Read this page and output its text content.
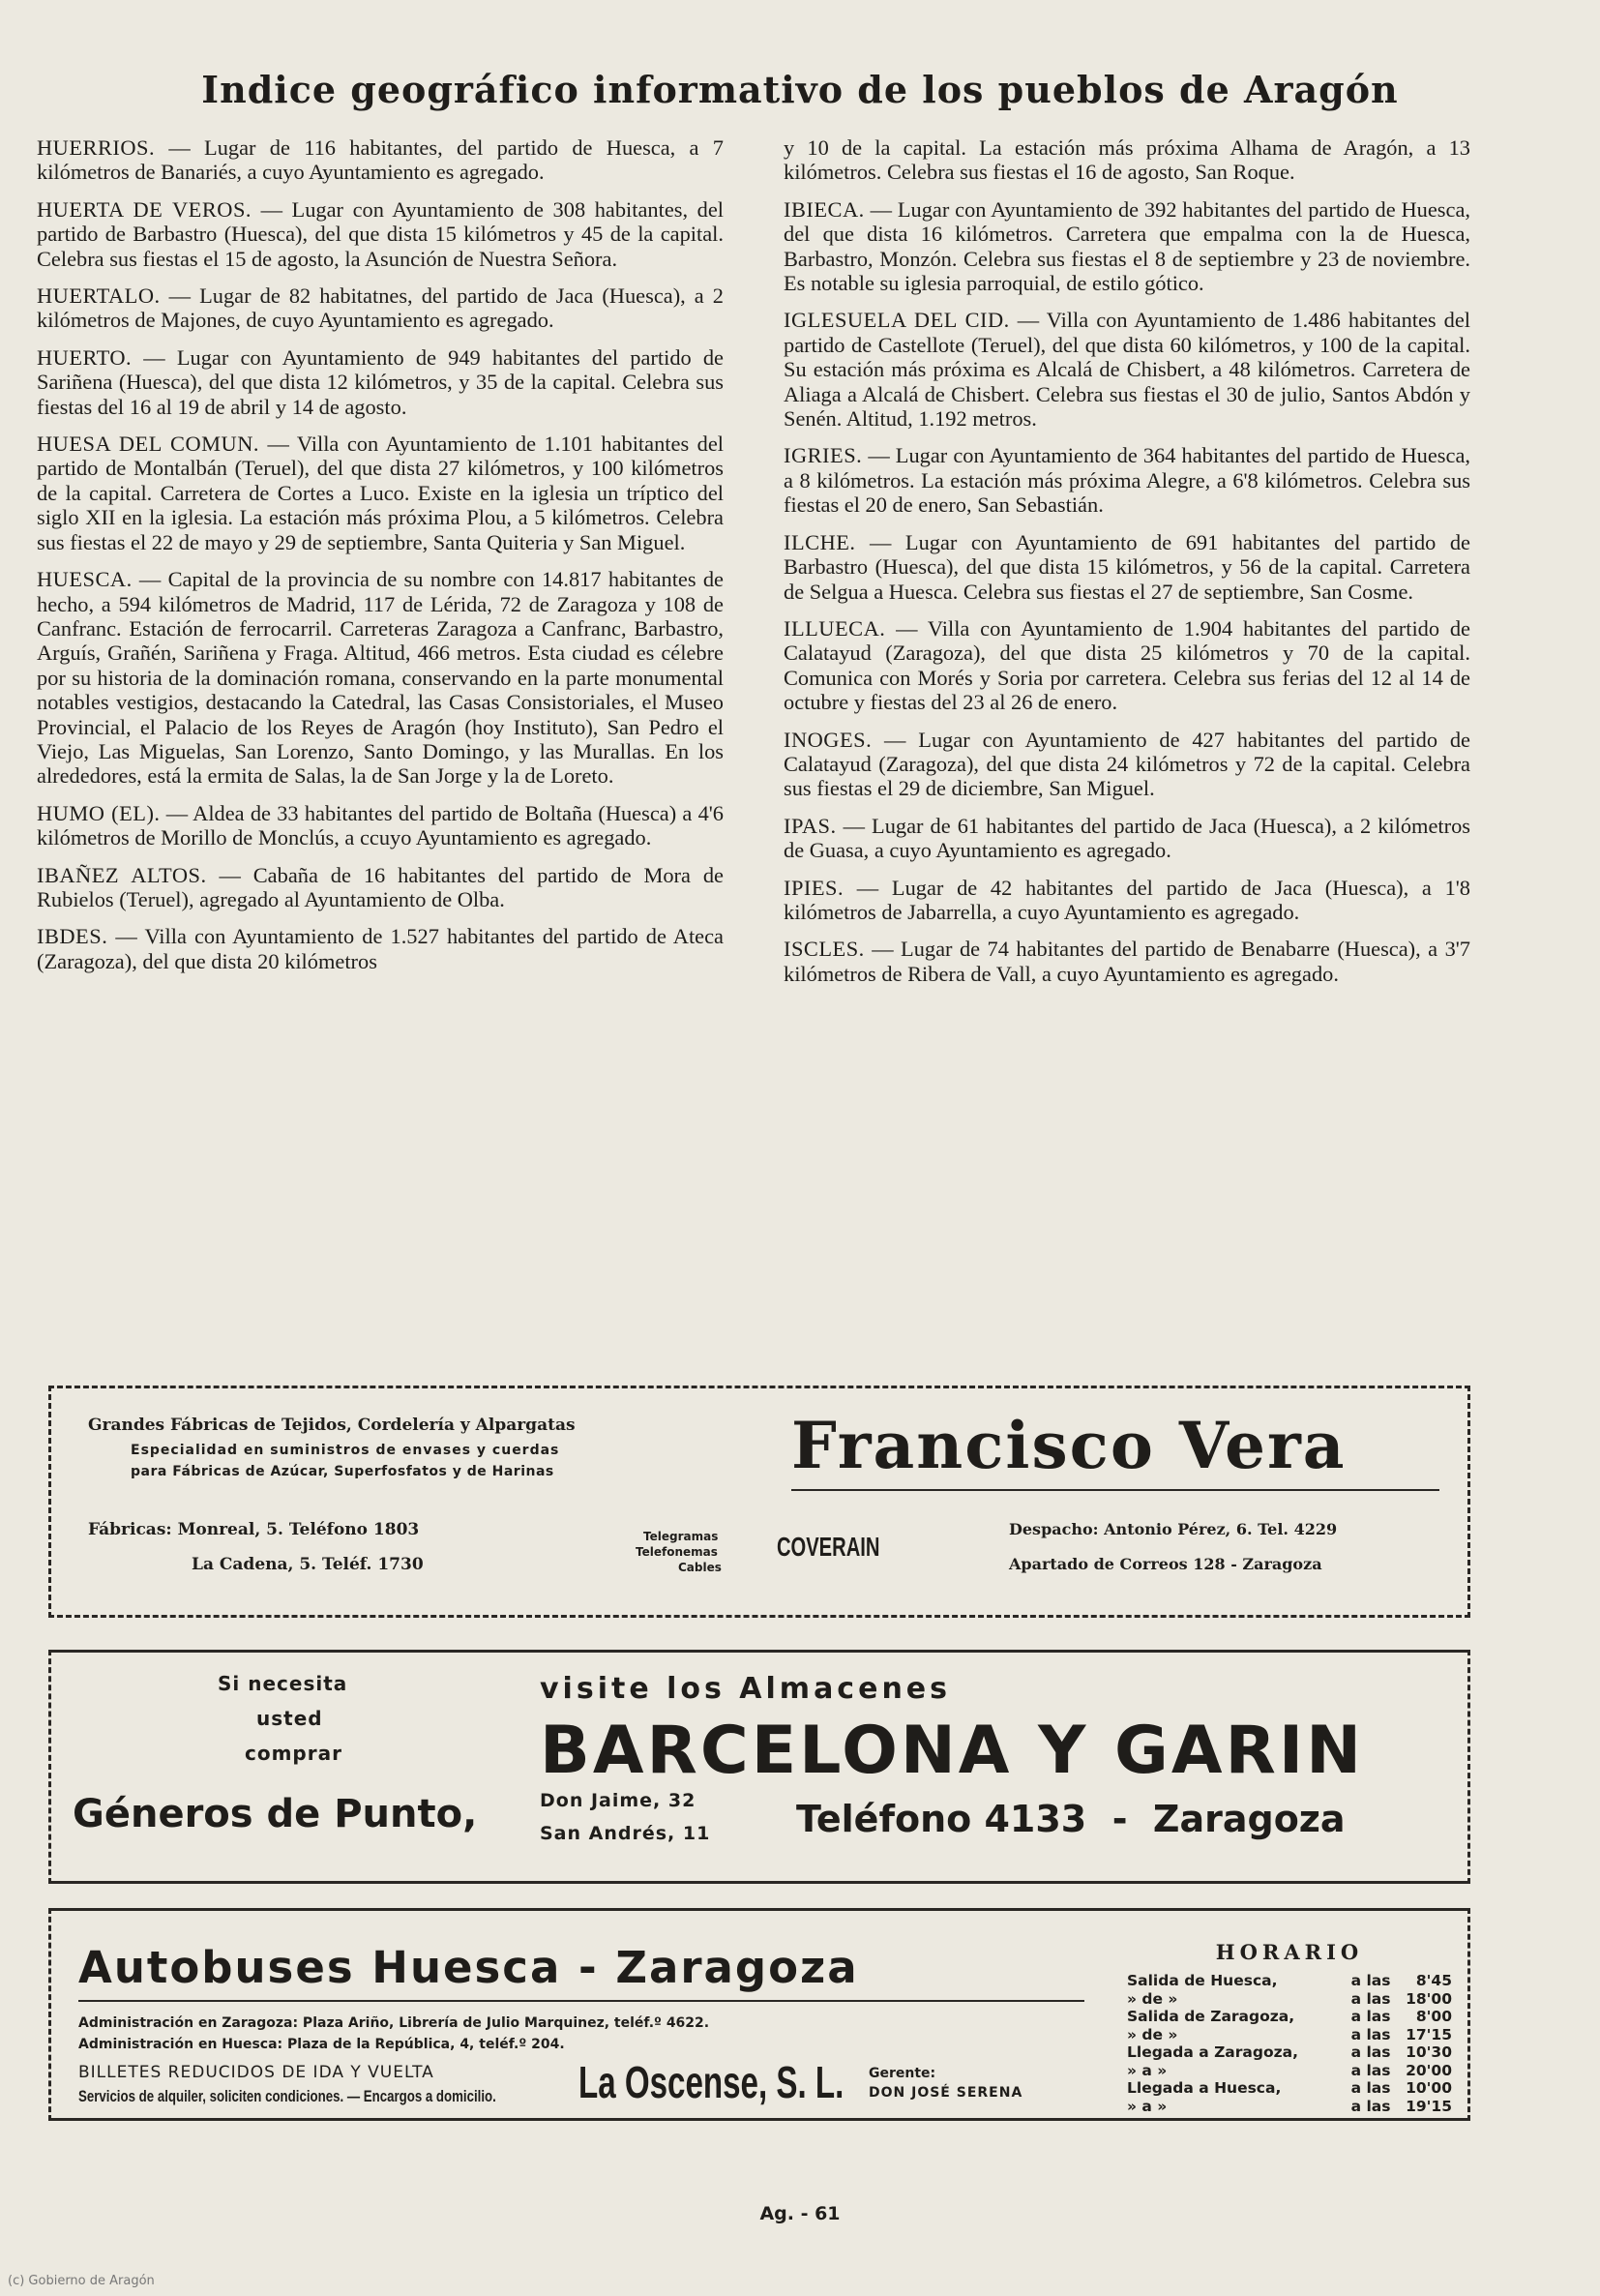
Indice geográfico informativo de los pueblos de Aragón

HUERRIOS. — Lugar de 116 habitantes, del partido de Huesca, a 7 kilómetros de Banariés, a cuyo Ayuntamiento es agregado.

HUERTA DE VEROS. — Lugar con Ayuntamiento de 308 habitantes, del partido de Barbastro (Huesca), del que dista 15 kilómetros y 45 de la capital. Celebra sus fiestas el 15 de agosto, la Asunción de Nuestra Señora.

HUERTALO. — Lugar de 82 habitatnes, del partido de Jaca (Huesca), a 2 kilómetros de Majones, de cuyo Ayuntamiento es agregado.

HUERTO. — Lugar con Ayuntamiento de 949 habitantes del partido de Sariñena (Huesca), del que dista 12 kilómetros, y 35 de la capital. Celebra sus fiestas del 16 al 19 de abril y 14 de agosto.

HUESA DEL COMUN. — Villa con Ayuntamiento de 1.101 habitantes del partido de Montalbán (Teruel), del que dista 27 kilómetros, y 100 kilómetros de la capital. Carretera de Cortes a Luco. Existe en la iglesia un tríptico del siglo XII en la iglesia. La estación más próxima Plou, a 5 kilómetros. Celebra sus fiestas el 22 de mayo y 29 de septiembre, Santa Quiteria y San Miguel.

HUESCA. — Capital de la provincia de su nombre con 14.817 habitantes de hecho, a 594 kilómetros de Madrid, 117 de Lérida, 72 de Zaragoza y 108 de Canfranc. Estación de ferrocarril. Carreteras Zaragoza a Canfranc, Barbastro, Arguís, Grañén, Sariñena y Fraga. Altitud, 466 metros. Esta ciudad es célebre por su historia de la dominación romana, conservando en la parte monumental notables vestigios, destacando la Catedral, las Casas Consistoriales, el Museo Provincial, el Palacio de los Reyes de Aragón (hoy Instituto), San Pedro el Viejo, Las Miguelas, San Lorenzo, Santo Domingo, y las Murallas. En los alrededores, está la ermita de Salas, la de San Jorge y la de Loreto.

HUMO (EL). — Aldea de 33 habitantes del partido de Boltaña (Huesca) a 4'6 kilómetros de Morillo de Monclús, a ccuyo Ayuntamiento es agregado.

IBAÑEZ ALTOS. — Cabaña de 16 habitantes del partido de Mora de Rubielos (Teruel), agregado al Ayuntamiento de Olba.

IBDES. — Villa con Ayuntamiento de 1.527 habitantes del partido de Ateca (Zaragoza), del que dista 20 kilómetros

y 10 de la capital. La estación más próxima Alhama de Aragón, a 13 kilómetros. Celebra sus fiestas el 16 de agosto, San Roque.

IBIECA. — Lugar con Ayuntamiento de 392 habitantes del partido de Huesca, del que dista 16 kilómetros. Carretera que empalma con la de Huesca, Barbastro, Monzón. Celebra sus fiestas el 8 de septiembre y 23 de noviembre. Es notable su iglesia parroquial, de estilo gótico.

IGLESUELA DEL CID. — Villa con Ayuntamiento de 1.486 habitantes del partido de Castellote (Teruel), del que dista 60 kilómetros, y 100 de la capital. Su estación más próxima es Alcalá de Chisbert, a 48 kilómetros. Carretera de Aliaga a Alcalá de Chisbert. Celebra sus fiestas el 30 de julio, Santos Abdón y Senén. Altitud, 1.192 metros.

IGRIES. — Lugar con Ayuntamiento de 364 habitantes del partido de Huesca, a 8 kilómetros. La estación más próxima Alegre, a 6'8 kilómetros. Celebra sus fiestas el 20 de enero, San Sebastián.

ILCHE. — Lugar con Ayuntamiento de 691 habitantes del partido de Barbastro (Huesca), del que dista 15 kilómetros, y 56 de la capital. Carretera de Selgua a Huesca. Celebra sus fiestas el 27 de septiembre, San Cosme.

ILLUECA. — Villa con Ayuntamiento de 1.904 habitantes del partido de Calatayud (Zaragoza), del que dista 25 kilómetros y 70 de la capital. Comunica con Morés y Soria por carretera. Celebra sus ferias del 12 al 14 de octubre y fiestas del 23 al 26 de enero.

INOGES. — Lugar con Ayuntamiento de 427 habitantes del partido de Calatayud (Zaragoza), del que dista 24 kilómetros y 72 de la capital. Celebra sus fiestas el 29 de diciembre, San Miguel.

IPAS. — Lugar de 61 habitantes del partido de Jaca (Huesca), a 2 kilómetros de Guasa, a cuyo Ayuntamiento es agregado.

IPIES. — Lugar de 42 habitantes del partido de Jaca (Huesca), a 1'8 kilómetros de Jabarrella, a cuyo Ayuntamiento es agregado.

ISCLES. — Lugar de 74 habitantes del partido de Benabarre (Huesca), a 3'7 kilómetros de Ribera de Vall, a cuyo Ayuntamiento es agregado.

Grandes Fábricas de Tejidos, Cordelería y Alpargatas
Especialidad en suministros de envases y cuerdas
para Fábricas de Azúcar, Superfosfatos y de Harinas	Francisco Vera
Fábricas: Monreal, 5. Teléfono 1803
La Cadena, 5. Teléf. 1730
Telegramas
Telefonemas
Cables
COVERAIN
Despacho: Antonio Pérez, 6. Tel. 4229
Apartado de Correos 128 - Zaragoza
Si necesita
usted
comprar
Géneros de Punto,
visite los Almacenes
BARCELONA Y GARIN
Don Jaime, 32
San Andrés, 11 Teléfono 4133  -  Zaragoza
Autobuses Huesca - Zaragoza
Administración en Zaragoza: Plaza Ariño, Librería de Julio Marquinez, teléf.º 4622.
Administración en Huesca: Plaza de la República, 4, teléf.º 204.
BILLETES REDUCIDOS DE IDA Y VUELTA
Servicios de alquiler, soliciten condiciones. — Encargos a domicilio. La Oscense, S. L. Gerente:
DON JOSÉ SERENA
HORARIO
Salida de Huesca,	a las	8'45
» de »	a las	18'00
Salida de Zaragoza,	a las	8'00
» de »	a las	17'15
Llegada a Zaragoza,	a las	10'30
» a »	a las	20'00
Llegada a Huesca,	a las	10'00
» a »	a las	19'15
Ag. - 61
(c) Gobierno de Aragón
